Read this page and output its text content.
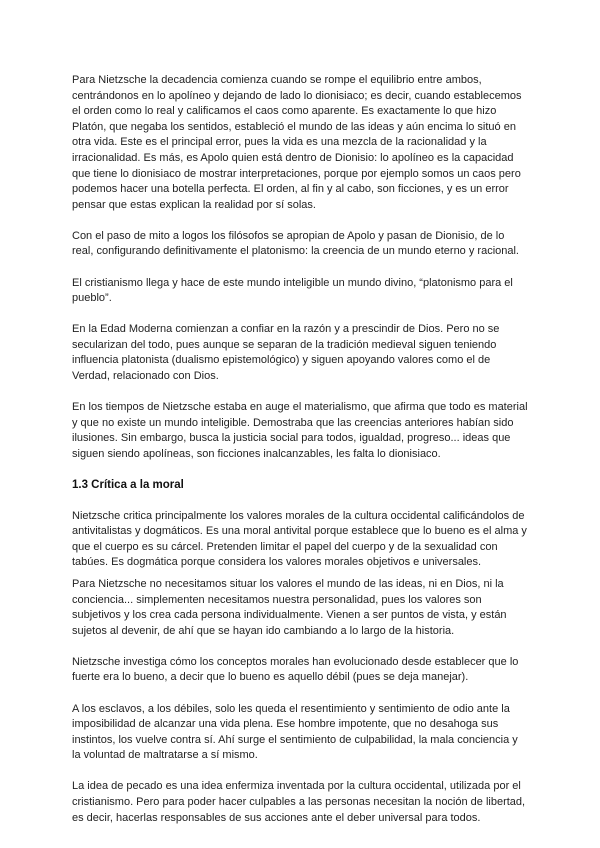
Para Nietzsche la decadencia comienza cuando se rompe el equilibrio entre ambos, centrándonos en lo apolíneo y dejando de lado lo dionisiaco; es decir, cuando establecemos el orden como lo real y calificamos el caos como aparente. Es exactamente lo que hizo Platón, que negaba los sentidos, estableció el mundo de las ideas y aún encima lo situó en otra vida. Este es el principal error, pues la vida es una mezcla de la racionalidad y la irracionalidad. Es más, es Apolo quien está dentro de Dionisio: lo apolíneo es la capacidad que tiene lo dionisiaco de mostrar interpretaciones, porque por ejemplo somos un caos pero podemos hacer una botella perfecta. El orden, al fin y al cabo, son ficciones, y es un error pensar que estas explican la realidad por sí solas.

Con el paso de mito a logos los filósofos se apropian de Apolo y pasan de Dionisio, de lo real, configurando definitivamente el platonismo: la creencia de un mundo eterno y racional.

El cristianismo llega y hace de este mundo inteligible un mundo divino, “platonismo para el pueblo”.

En la Edad Moderna comienzan a confiar en la razón y a prescindir de Dios. Pero no se secularizan del todo, pues aunque se separan de la tradición medieval siguen teniendo influencia platonista (dualismo epistemológico) y siguen apoyando valores como el de Verdad, relacionado con Dios.

En los tiempos de Nietzsche estaba en auge el materialismo, que afirma que todo es material y que no existe un mundo inteligible. Demostraba que las creencias anteriores habían sido ilusiones. Sin embargo, busca la justicia social para todos, igualdad, progreso... ideas que siguen siendo apolíneas, son ficciones inalcanzables, les falta lo dionisiaco.

1.3 Crítica a la moral

Nietzsche critica principalmente los valores morales de la cultura occidental calificándolos de antivitalistas y dogmáticos. Es una moral antivital porque establece que lo bueno es el alma y que el cuerpo es su cárcel. Pretenden limitar el papel del cuerpo y de la sexualidad con tabúes. Es dogmática porque considera los valores morales objetivos e universales.

Para Nietzsche no necesitamos situar los valores el mundo de las ideas, ni en Dios, ni la conciencia... simplementen necesitamos nuestra personalidad, pues los valores son subjetivos y los crea cada persona individualmente. Vienen a ser puntos de vista, y están sujetos al devenir, de ahí que se hayan ido cambiando a lo largo de la historia.

Nietzsche investiga cómo los conceptos morales han evolucionado desde establecer que lo fuerte era lo bueno, a decir que lo bueno es aquello débil (pues se deja manejar).

A los esclavos, a los débiles, solo les queda el resentimiento y sentimiento de odio ante la imposibilidad de alcanzar una vida plena. Ese hombre impotente, que no desahoga sus instintos, los vuelve contra sí. Ahí surge el sentimiento de culpabilidad, la mala conciencia y la voluntad de maltratarse a sí mismo.

La idea de pecado es una idea enfermiza inventada por la cultura occidental, utilizada por el cristianismo. Pero para poder hacer culpables a las personas necesitan la noción de libertad, es decir, hacerlas responsables de sus acciones ante el deber universal para todos.
